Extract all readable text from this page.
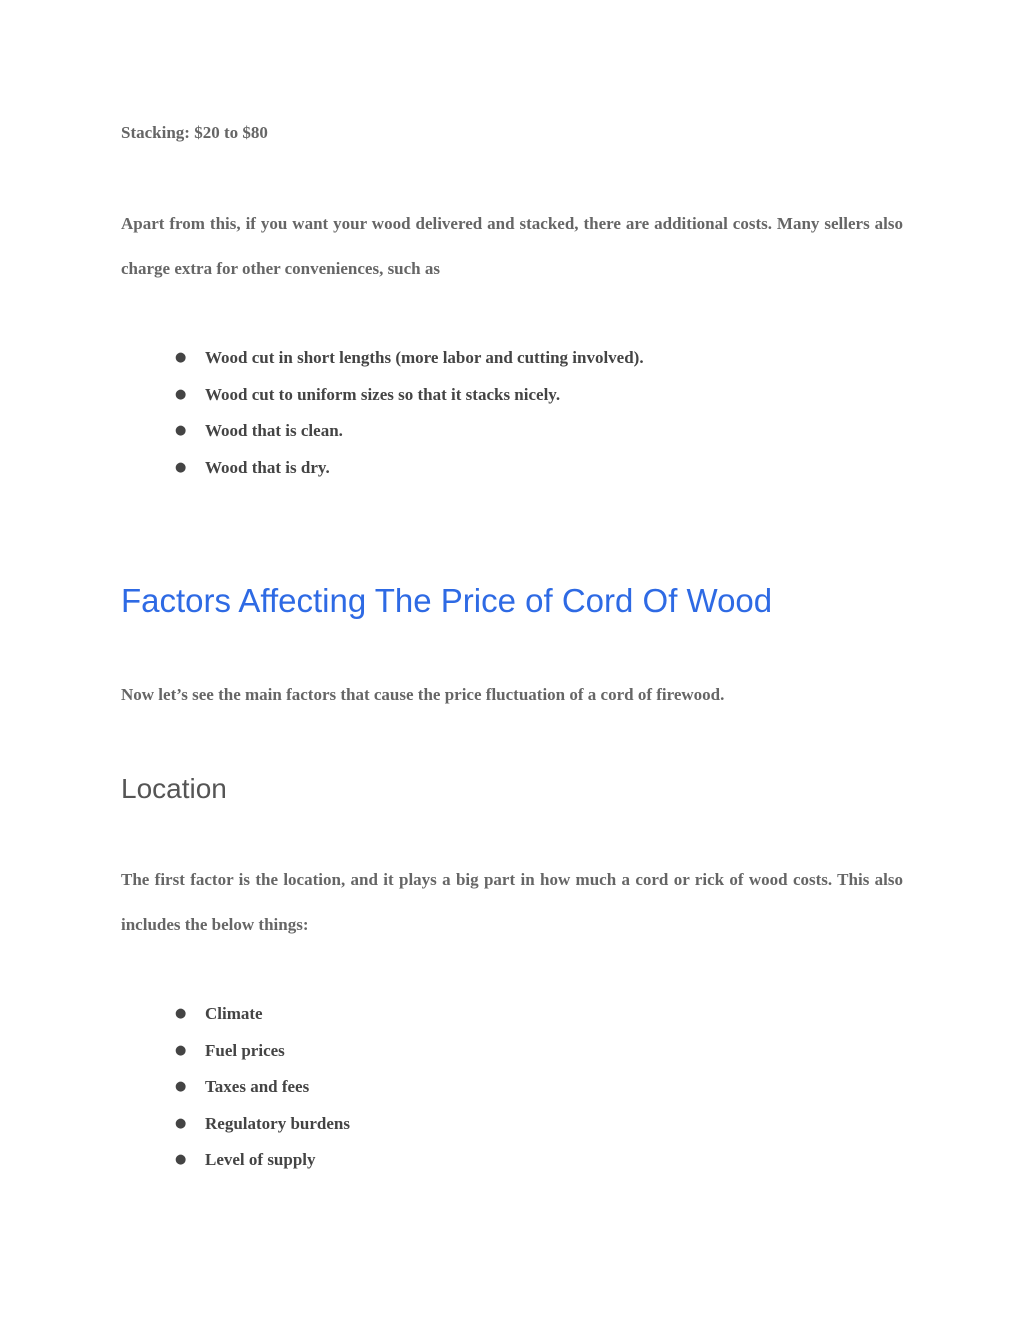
Stacking: $20 to $80

Apart from this, if you want your wood delivered and stacked, there are additional costs. Many sellers also charge extra for other conveniences, such as

● Wood cut in short lengths (more labor and cutting involved).
● Wood cut to uniform sizes so that it stacks nicely.
● Wood that is clean.
● Wood that is dry.
Factors Affecting The Price of Cord Of Wood

Now let’s see the main factors that cause the price fluctuation of a cord of firewood.

Location

The first factor is the location, and it plays a big part in how much a cord or rick of wood costs. This also includes the below things:

● Climate
● Fuel prices
● Taxes and fees
● Regulatory burdens
● Level of supply
